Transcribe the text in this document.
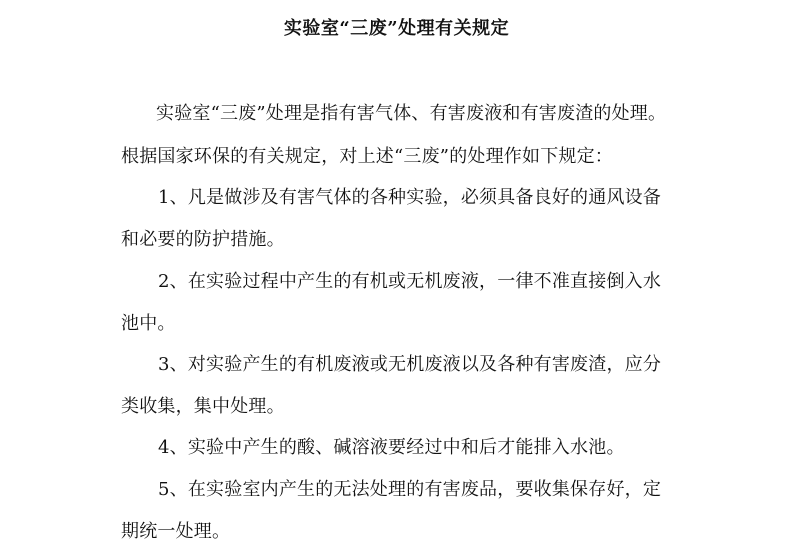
实验室“三废”处理有关规定
实验室“三废”处理是指有害气体、有害废液和有害废渣的处理。
根据国家环保的有关规定，对上述“三废”的处理作如下规定：
1、凡是做涉及有害气体的各种实验，必须具备良好的通风设备
和必要的防护措施。
2、在实验过程中产生的有机或无机废液，一律不准直接倒入水
池中。
3、对实验产生的有机废液或无机废液以及各种有害废渣，应分
类收集，集中处理。
4、实验中产生的酸、碱溶液要经过中和后才能排入水池。
5、在实验室内产生的无法处理的有害废品，要收集保存好，定
期统一处理。
